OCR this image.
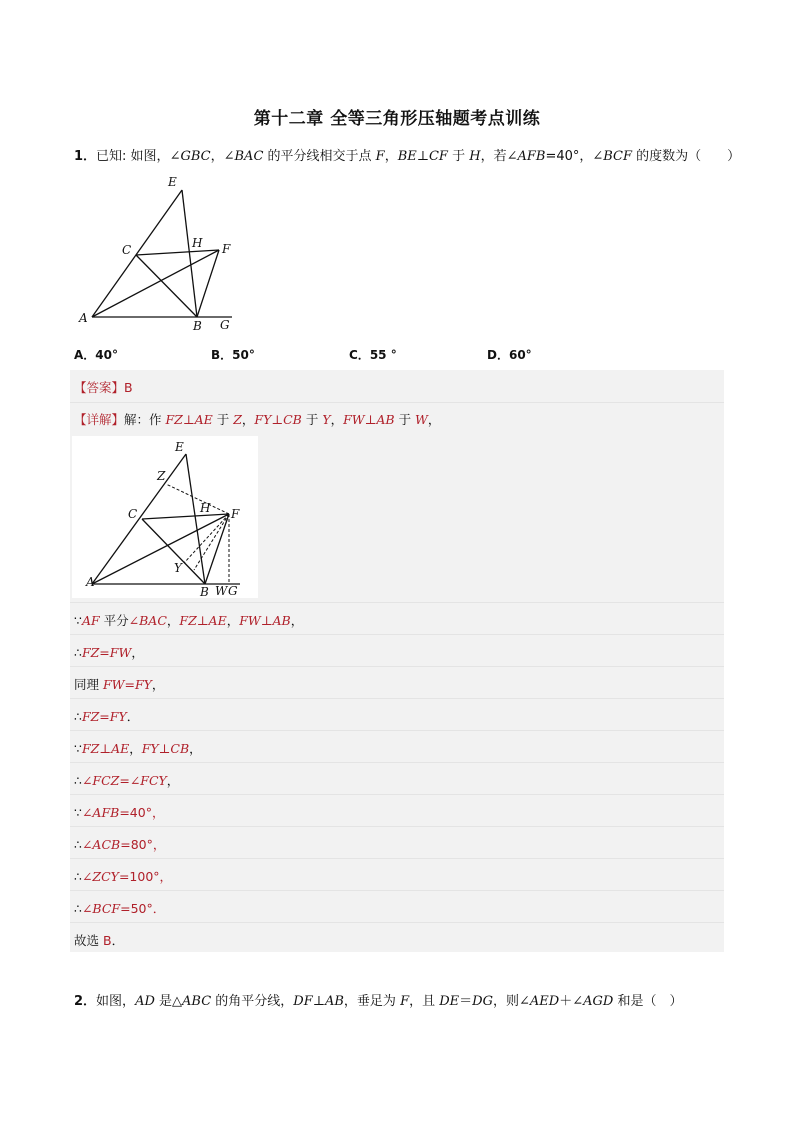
第十二章 全等三角形压轴题考点训练
1．已知: 如图，∠GBC，∠BAC 的平分线相交于点 F，BE⊥CF 于 H，若∠AFB=40°，∠BCF 的度数为（　　）
E
C	H F
A
B G
A．40°	B．50°	C．55 °	D．60°
【答案】B
【详解】解：作 FZ⊥AE 于 Z，FY⊥CB 于 Y，FW⊥AB 于 W，
E
Z
C	H F
Y
A
B W G
∵AF 平分∠BAC，FZ⊥AE，FW⊥AB，
∴FZ=FW，
同理 FW=FY，
∴FZ=FY．
∵FZ⊥AE，FY⊥CB，
∴∠FCZ=∠FCY，
∵∠AFB=40°，
∴∠ACB=80°，
∴∠ZCY=100°，
∴∠BCF=50°．
故选 B．
2．如图，AD 是△ABC 的角平分线，DF⊥AB，垂足为 F，且 DE＝DG，则∠AED＋∠AGD 和是（　）
